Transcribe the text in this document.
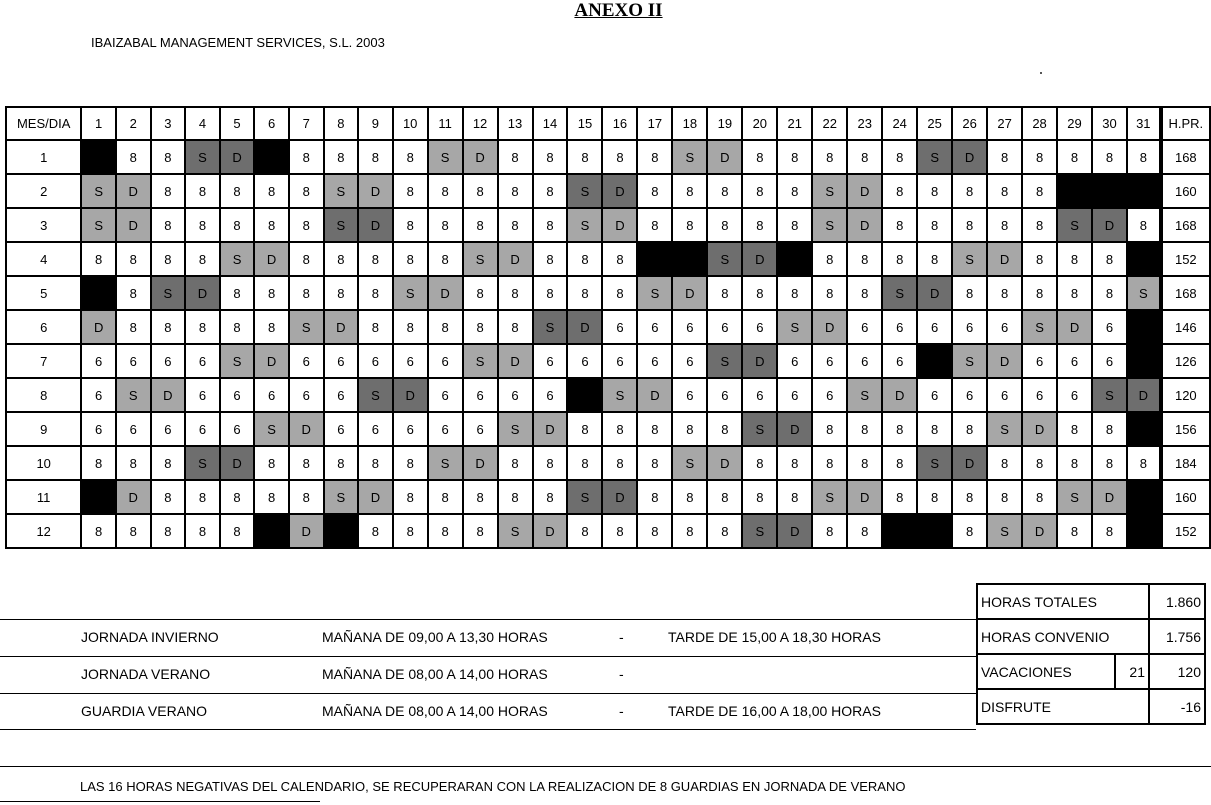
ANEXO II
IBAIZABAL MANAGEMENT SERVICES, S.L. 2003
MES/DIA	1	2	3	4	5	6	7	8	9	10	11	12	13	14	15	16	17	18	19	20	21	22	23	24	25	26	27	28	29	30	31	H.PR.
1		8	8	S	D		8	8	8	8	S	D	8	8	8	8	8	S	D	8	8	8	8	8	S	D	8	8	8	8	8	168
2	S	D	8	8	8	8	8	S	D	8	8	8	8	8	S	D	8	8	8	8	8	S	D	8	8	8	8	8				160
3	S	D	8	8	8	8	8	S	D	8	8	8	8	8	S	D	8	8	8	8	8	S	D	8	8	8	8	8	S	D	8	168
4	8	8	8	8	S	D	8	8	8	8	8	S	D	8	8	8			S	D		8	8	8	8	S	D	8	8	8		152
5		8	S	D	8	8	8	8	8	S	D	8	8	8	8	8	S	D	8	8	8	8	8	S	D	8	8	8	8	8	S	168
6	D	8	8	8	8	8	S	D	8	8	8	8	8	S	D	6	6	6	6	6	S	D	6	6	6	6	6	S	D	6		146
7	6	6	6	6	S	D	6	6	6	6	6	S	D	6	6	6	6	6	S	D	6	6	6	6		S	D	6	6	6		126
8	6	S	D	6	6	6	6	6	S	D	6	6	6	6		S	D	6	6	6	6	6	S	D	6	6	6	6	6	S	D	120
9	6	6	6	6	6	S	D	6	6	6	6	6	S	D	8	8	8	8	8	S	D	8	8	8	8	8	S	D	8	8		156
10	8	8	8	S	D	8	8	8	8	8	S	D	8	8	8	8	8	S	D	8	8	8	8	8	S	D	8	8	8	8	8	184
11		D	8	8	8	8	8	S	D	8	8	8	8	8	S	D	8	8	8	8	8	S	D	8	8	8	8	8	S	D		160
12	8	8	8	8	8		D		8	8	8	8	S	D	8	8	8	8	8	S	D	8	8			8	S	D	8	8		152
JORNADA INVIERNO	MAÑANA DE 09,00 A 13,30 HORAS	-	TARDE DE 15,00 A 18,30 HORAS
JORNADA VERANO	MAÑANA DE 08,00 A 14,00 HORAS	-
GUARDIA VERANO	MAÑANA DE 08,00 A 14,00 HORAS	-	TARDE DE 16,00 A 18,00 HORAS
HORAS TOTALES		1.860
HORAS CONVENIO		1.756
VACACIONES	21	120
DISFRUTE		-16
LAS 16 HORAS NEGATIVAS DEL CALENDARIO, SE RECUPERARAN CON LA REALIZACION DE 8 GUARDIAS EN JORNADA DE VERANO
